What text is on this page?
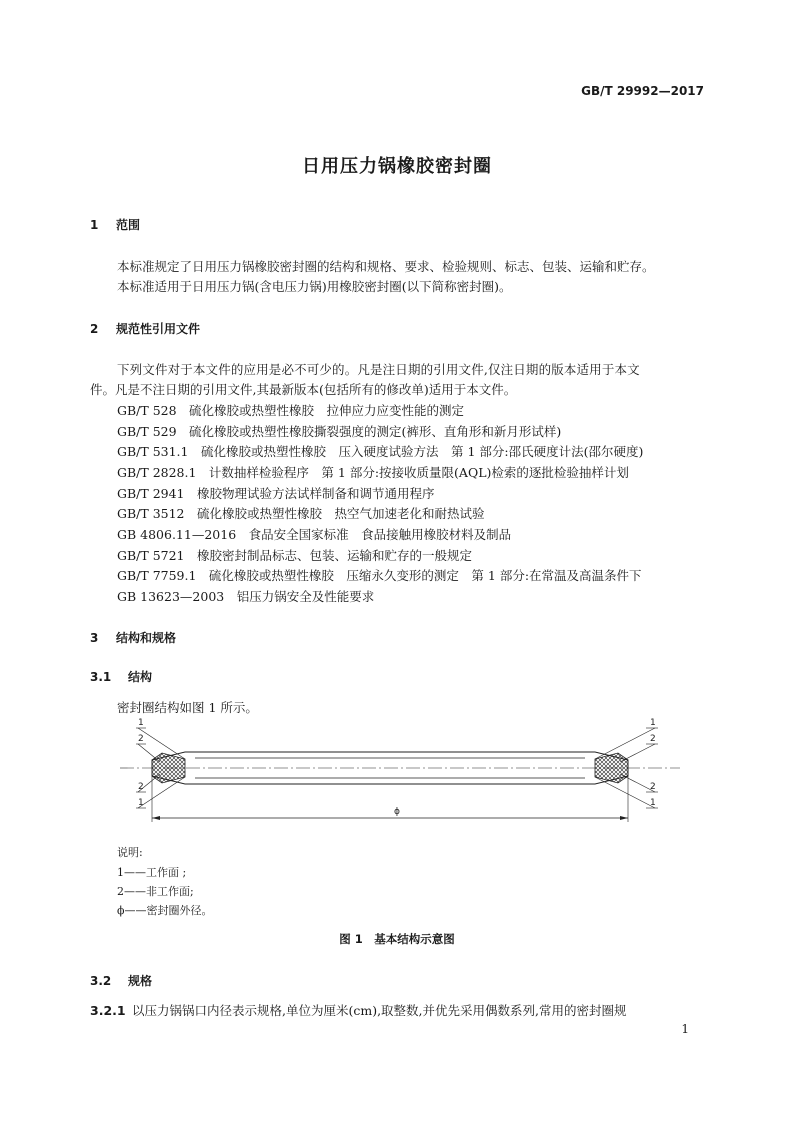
GB/T 29992—2017
日用压力锅橡胶密封圈
1 范围
本标准规定了日用压力锅橡胶密封圈的结构和规格、要求、检验规则、标志、包装、运输和贮存。
本标准适用于日用压力锅(含电压力锅)用橡胶密封圈(以下简称密封圈)。
2 规范性引用文件
下列文件对于本文件的应用是必不可少的。凡是注日期的引用文件,仅注日期的版本适用于本文
件。凡是不注日期的引用文件,其最新版本(包括所有的修改单)适用于本文件。
GB/T 528　硫化橡胶或热塑性橡胶　拉伸应力应变性能的测定
GB/T 529　硫化橡胶或热塑性橡胶撕裂强度的测定(裤形、直角形和新月形试样)
GB/T 531.1　硫化橡胶或热塑性橡胶　压入硬度试验方法　第 1 部分:邵氏硬度计法(邵尔硬度)
GB/T 2828.1　计数抽样检验程序　第 1 部分:按接收质量限(AQL)检索的逐批检验抽样计划
GB/T 2941　橡胶物理试验方法试样制备和调节通用程序
GB/T 3512　硫化橡胶或热塑性橡胶　热空气加速老化和耐热试验
GB 4806.11—2016　食品安全国家标准　食品接触用橡胶材料及制品
GB/T 5721　橡胶密封制品标志、包装、运输和贮存的一般规定
GB/T 7759.1　硫化橡胶或热塑性橡胶　压缩永久变形的测定　第 1 部分:在常温及高温条件下
GB 13623—2003　铝压力锅安全及性能要求
3 结构和规格
3.1 结构
密封圈结构如图 1 所示。
ϕ
1
2
2
1
1
2
2
1
说明:
1——工作面 ;
2——非工作面;
ϕ——密封圈外径。
图 1　基本结构示意图
3.2 规格
3.2.1 以压力锅锅口内径表示规格,单位为厘米(cm),取整数,并优先采用偶数系列,常用的密封圈规
1
